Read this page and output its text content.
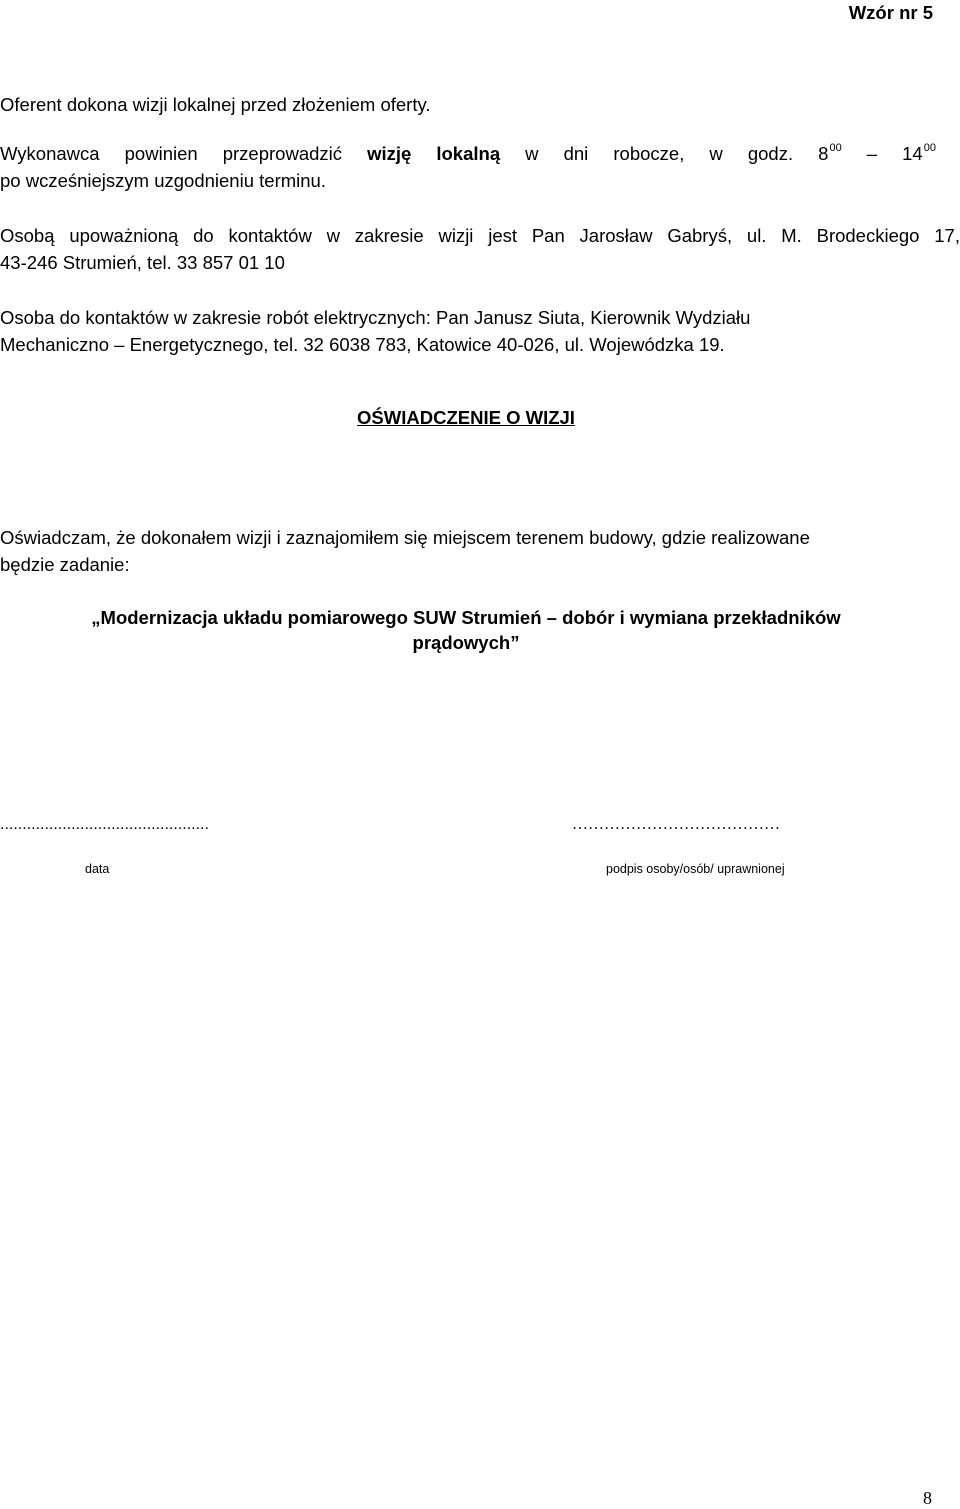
Wzór nr 5
Oferent dokona wizji lokalnej przed złożeniem oferty.
Wykonawca powinien przeprowadzić wizję lokalną w dni robocze, w godz. $8^{00} - 14^{00}$
po wcześniejszym uzgodnieniu terminu.
Osobą upoważnioną do kontaktów w zakresie wizji jest Pan Jarosław Gabryś, ul. M. Brodeckiego 17,
43-246 Strumień, tel. 33 857 01 10
Osoba do kontaktów w zakresie robót elektrycznych: Pan Janusz Siuta, Kierownik Wydziału
Mechaniczno – Energetycznego, tel. 32 6038 783, Katowice 40-026, ul. Wojewódzka 19.
OŚWIADCZENIE O WIZJI
Oświadczam, że dokonałem wizji i zaznajomiłem się miejscem terenem budowy, gdzie realizowane
będzie zadanie:
„Modernizacja układu pomiarowego SUW Strumień – dobór i wymiana przekładników
prądowych”
...............................................	…………………………………
data	podpis osoby/osób/ uprawnionej
8
